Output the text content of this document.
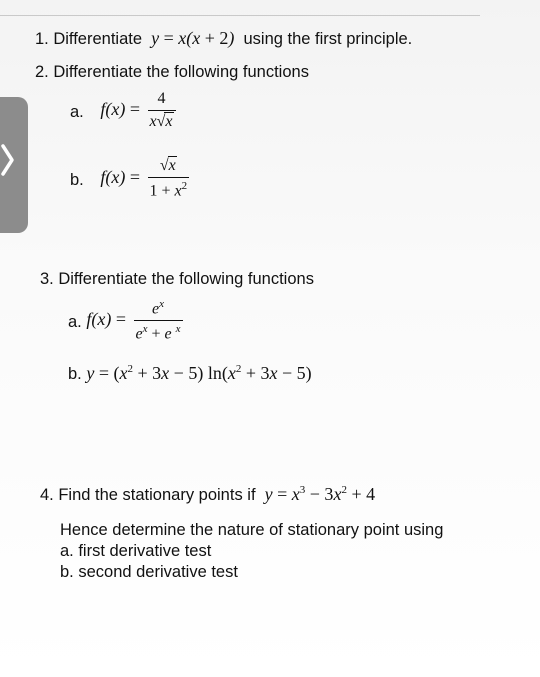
1. Differentiate  y = x(x + 2)  using the first principle.
2. Differentiate the following functions
a. $f(x) = \frac{4}{x√x}$
b. $f(x) = \frac{√x}{1 + x^2}$
3. Differentiate the following functions
a. $f(x) = \frac{e^x}{e^x + e ^x}$
b. $y = (x^2 + 3x - 5) \ln(x^2 + 3x - 5)$
4. Find the stationary points if  $y = x^3 - 3x^2 + 4$
Hence determine the nature of stationary point using
a. first derivative test
b. second derivative test
